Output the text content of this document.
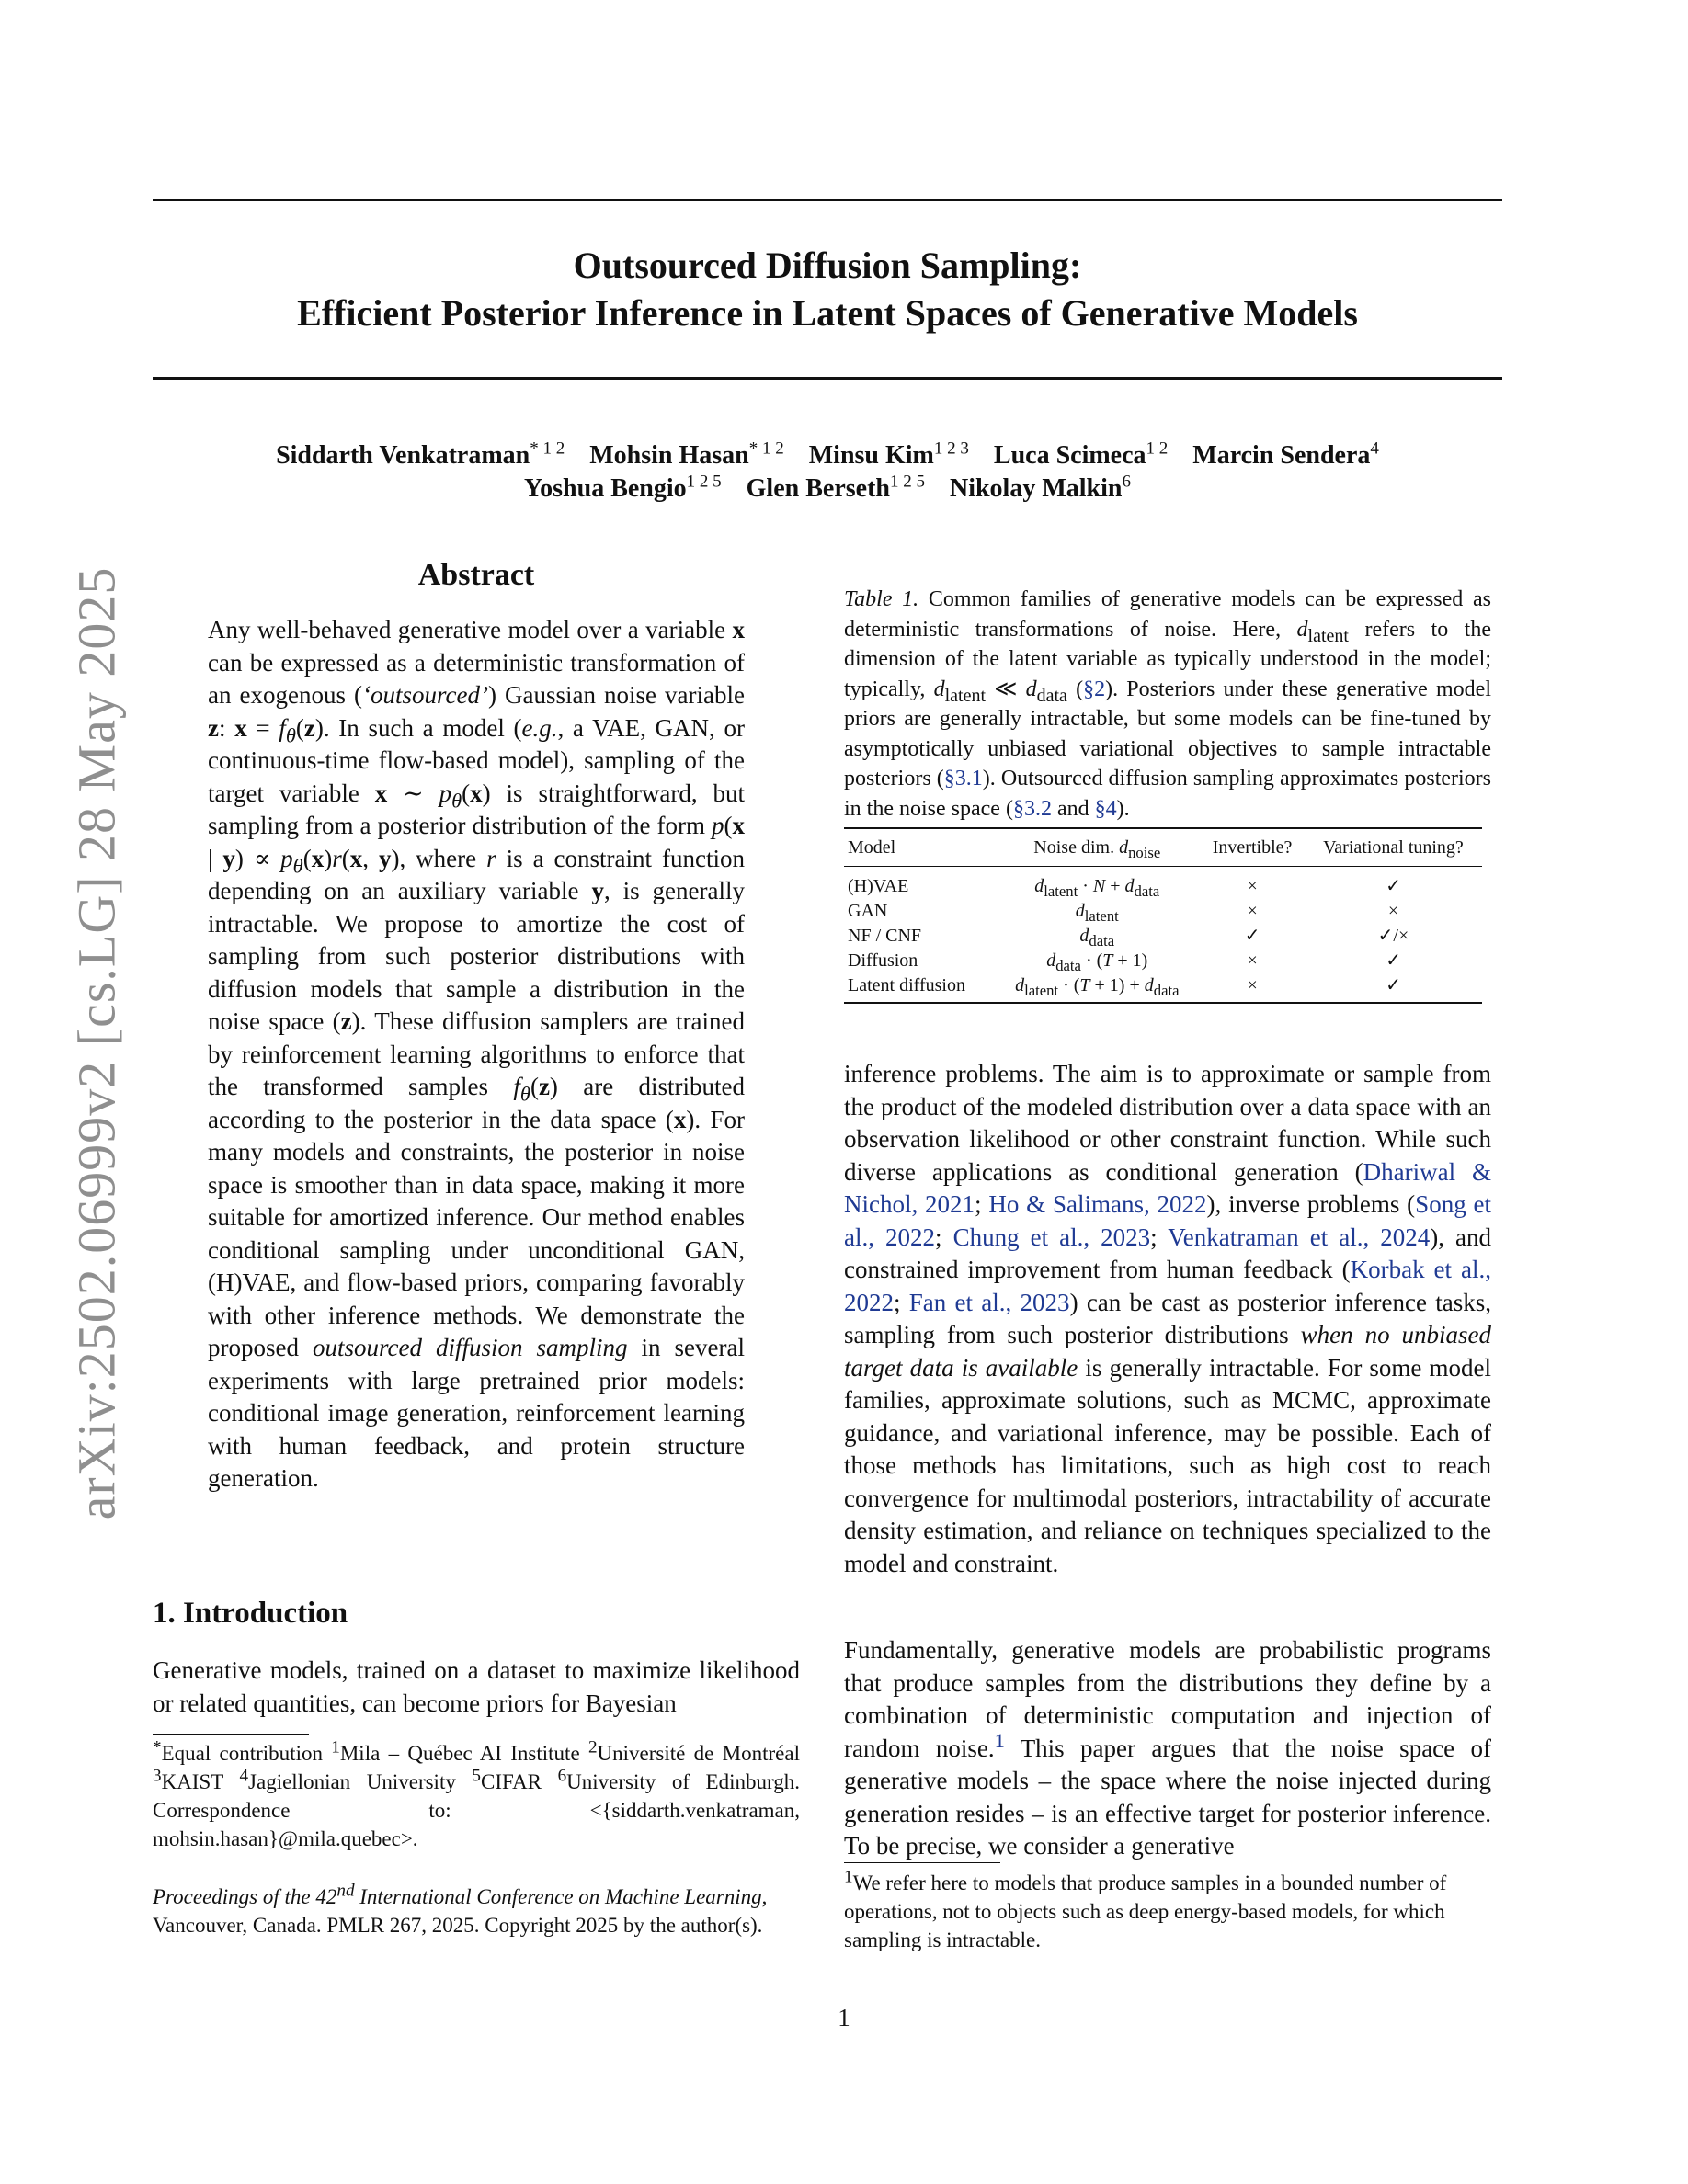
Outsourced Diffusion Sampling:
Efficient Posterior Inference in Latent Spaces of Generative Models
Siddarth Venkatraman$^{* 1 2}$ Mohsin Hasan$^{* 1 2}$ Minsu Kim$^{1 2 3}$ Luca Scimeca$^{1 2}$ Marcin Sendera$^4$
Yoshua Bengio$^{1 2 5}$ Glen Berseth$^{1 2 5}$ Nikolay Malkin$^6$
arXiv:2502.06999v2 [cs.LG] 28 May 2025	Abstract
Any well-behaved generative model over a variable x can be expressed as a deterministic transformation of an exogenous (‘outsourced’) Gaussian noise variable z: $x = f_\theta(z)$. In such a model (e.g., a VAE, GAN, or continuous-time flow-based model), sampling of the target variable x ∼ $p_\theta(x)$ is straightforward, but sampling from a posterior distribution of the form p(x | $y) \propto p_\theta(x)r(x$, y), where r is a constraint function depending on an auxiliary variable y, is generally intractable. We propose to amortize the cost of sampling from such posterior distributions with diffusion models that sample a distribution in the noise space (z). These diffusion samplers are trained by reinforcement learning algorithms to enforce that the transformed samples $f_\theta(z)$ are distributed according to the posterior in the data space (x). For many models and constraints, the posterior in noise space is smoother than in data space, making it more suitable for amortized inference. Our method enables conditional sampling under unconditional GAN, (H)VAE, and flow-based priors, comparing favorably with other inference methods. We demonstrate the proposed outsourced diffusion sampling in several experiments with large pretrained prior models: conditional image generation, reinforcement learning with human feedback, and protein structure generation.
1. Introduction
Generative models, trained on a dataset to maximize likelihood or related quantities, can become priors for Bayesian
*Equal contribution $^1$Mila – Québec AI Institute $^2$Université de Montréal $^3$KAIST $^4$Jagiellonian University $^5$CIFAR $^6$University of Edinburgh. Correspondence to: <{siddarth.venkatraman, mohsin.hasan}@mila.quebec>.
Proceedings of the 42nd International Conference on Machine Learning, Vancouver, Canada. PMLR 267, 2025. Copyright 2025 by the author(s).
Table 1. Common families of generative models can be expressed as deterministic transformations of noise. Here, $d_{latent}$ refers to the dimension of the latent variable as typically understood in the model; typically, $d_{latent}$ ≪ $d_{data}$ (§2). Posteriors under these generative model priors are generally intractable, but some models can be fine-tuned by asymptotically unbiased variational objectives to sample intractable posteriors (§3.1). Outsourced diffusion sampling approximates posteriors in the noise space (§3.2 and §4).
Model	Noise dim. $d_{noise}$	Invertible?	Variational tuning?
(H)VAE	$d_{latent} \cdot N + d_{data}$	×	✓
GAN	$d_{latent}$	×	×
NF / CNF	$d_{data}$	✓	✓/×
Diffusion	$d_{data} \cdot (T + 1)$	×	✓
Latent diffusion	$d_{latent} \cdot (T + 1) + d_{data}$	×	✓
inference problems. The aim is to approximate or sample from the product of the modeled distribution over a data space with an observation likelihood or other constraint function. While such diverse applications as conditional generation (Dhariwal & Nichol, 2021; Ho & Salimans, 2022), inverse problems (Song et al., 2022; Chung et al., 2023; Venkatraman et al., 2024), and constrained improvement from human feedback (Korbak et al., 2022; Fan et al., 2023) can be cast as posterior inference tasks, sampling from such posterior distributions when no unbiased target data is available is generally intractable. For some model families, approximate solutions, such as MCMC, approximate guidance, and variational inference, may be possible. Each of those methods has limitations, such as high cost to reach convergence for multimodal posteriors, intractability of accurate density estimation, and reliance on techniques specialized to the model and constraint.
Fundamentally, generative models are probabilistic programs that produce samples from the distributions they define by a combination of deterministic computation and injection of random noise.$^1$ This paper argues that the noise space of generative models – the space where the noise injected during generation resides – is an effective target for posterior inference. To be precise, we consider a generative
$^1$We refer here to models that produce samples in a bounded number of operations, not to objects such as deep energy-based models, for which sampling is intractable.
1
